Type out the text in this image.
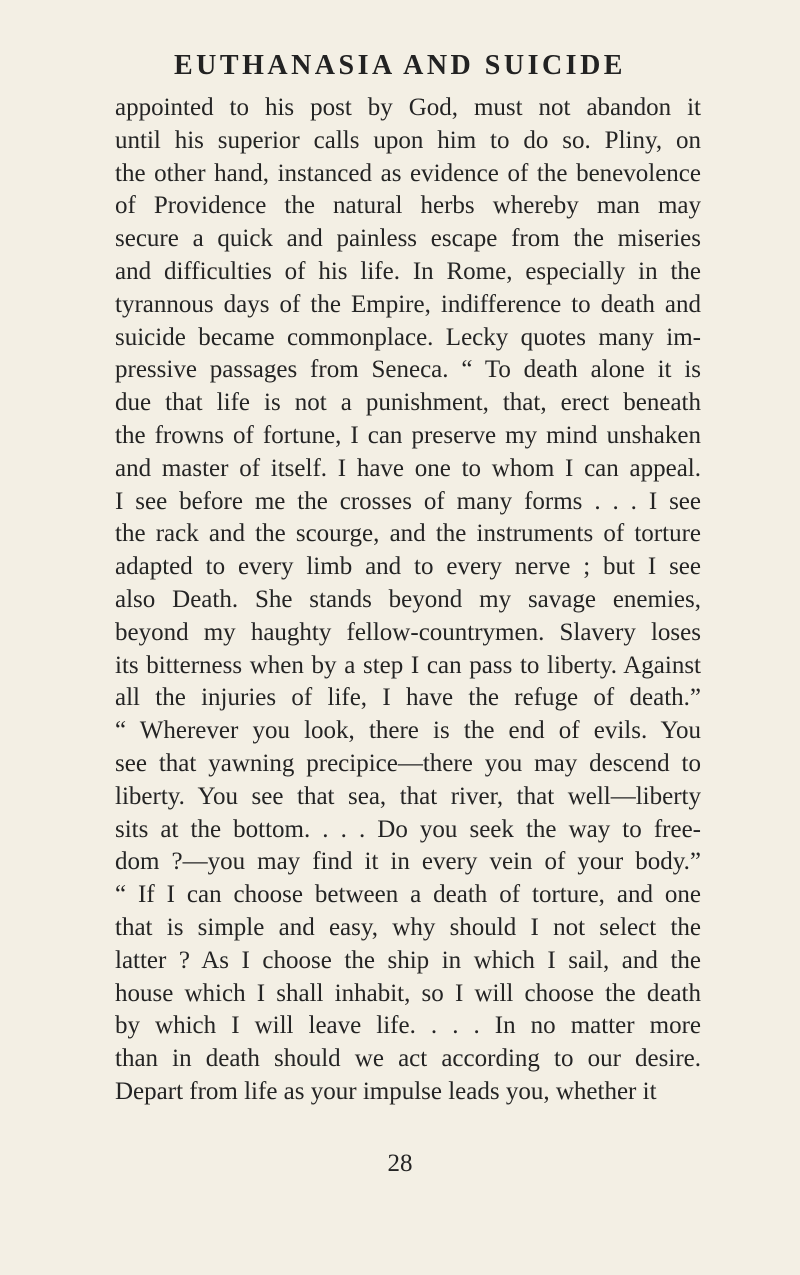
EUTHANASIA AND SUICIDE
appointed to his post by God, must not abandon it
until his superior calls upon him to do so. Pliny, on
the other hand, instanced as evidence of the benevolence
of Providence the natural herbs whereby man may
secure a quick and painless escape from the miseries
and difficulties of his life. In Rome, especially in the
tyrannous days of the Empire, indifference to death and
suicide became commonplace. Lecky quotes many im-
pressive passages from Seneca. “ To death alone it is
due that life is not a punishment, that, erect beneath
the frowns of fortune, I can preserve my mind unshaken
and master of itself. I have one to whom I can appeal.
I see before me the crosses of many forms . . . I see
the rack and the scourge, and the instruments of torture
adapted to every limb and to every nerve ; but I see
also Death. She stands beyond my savage enemies,
beyond my haughty fellow-countrymen. Slavery loses
its bitterness when by a step I can pass to liberty. Against
all the injuries of life, I have the refuge of death.”
“ Wherever you look, there is the end of evils. You
see that yawning precipice—there you may descend to
liberty. You see that sea, that river, that well—liberty
sits at the bottom. . . . Do you seek the way to free-
dom ?—you may find it in every vein of your body.”
“ If I can choose between a death of torture, and one
that is simple and easy, why should I not select the
latter ? As I choose the ship in which I sail, and the
house which I shall inhabit, so I will choose the death
by which I will leave life. . . . In no matter more
than in death should we act according to our desire.
Depart from life as your impulse leads you, whether it
28
